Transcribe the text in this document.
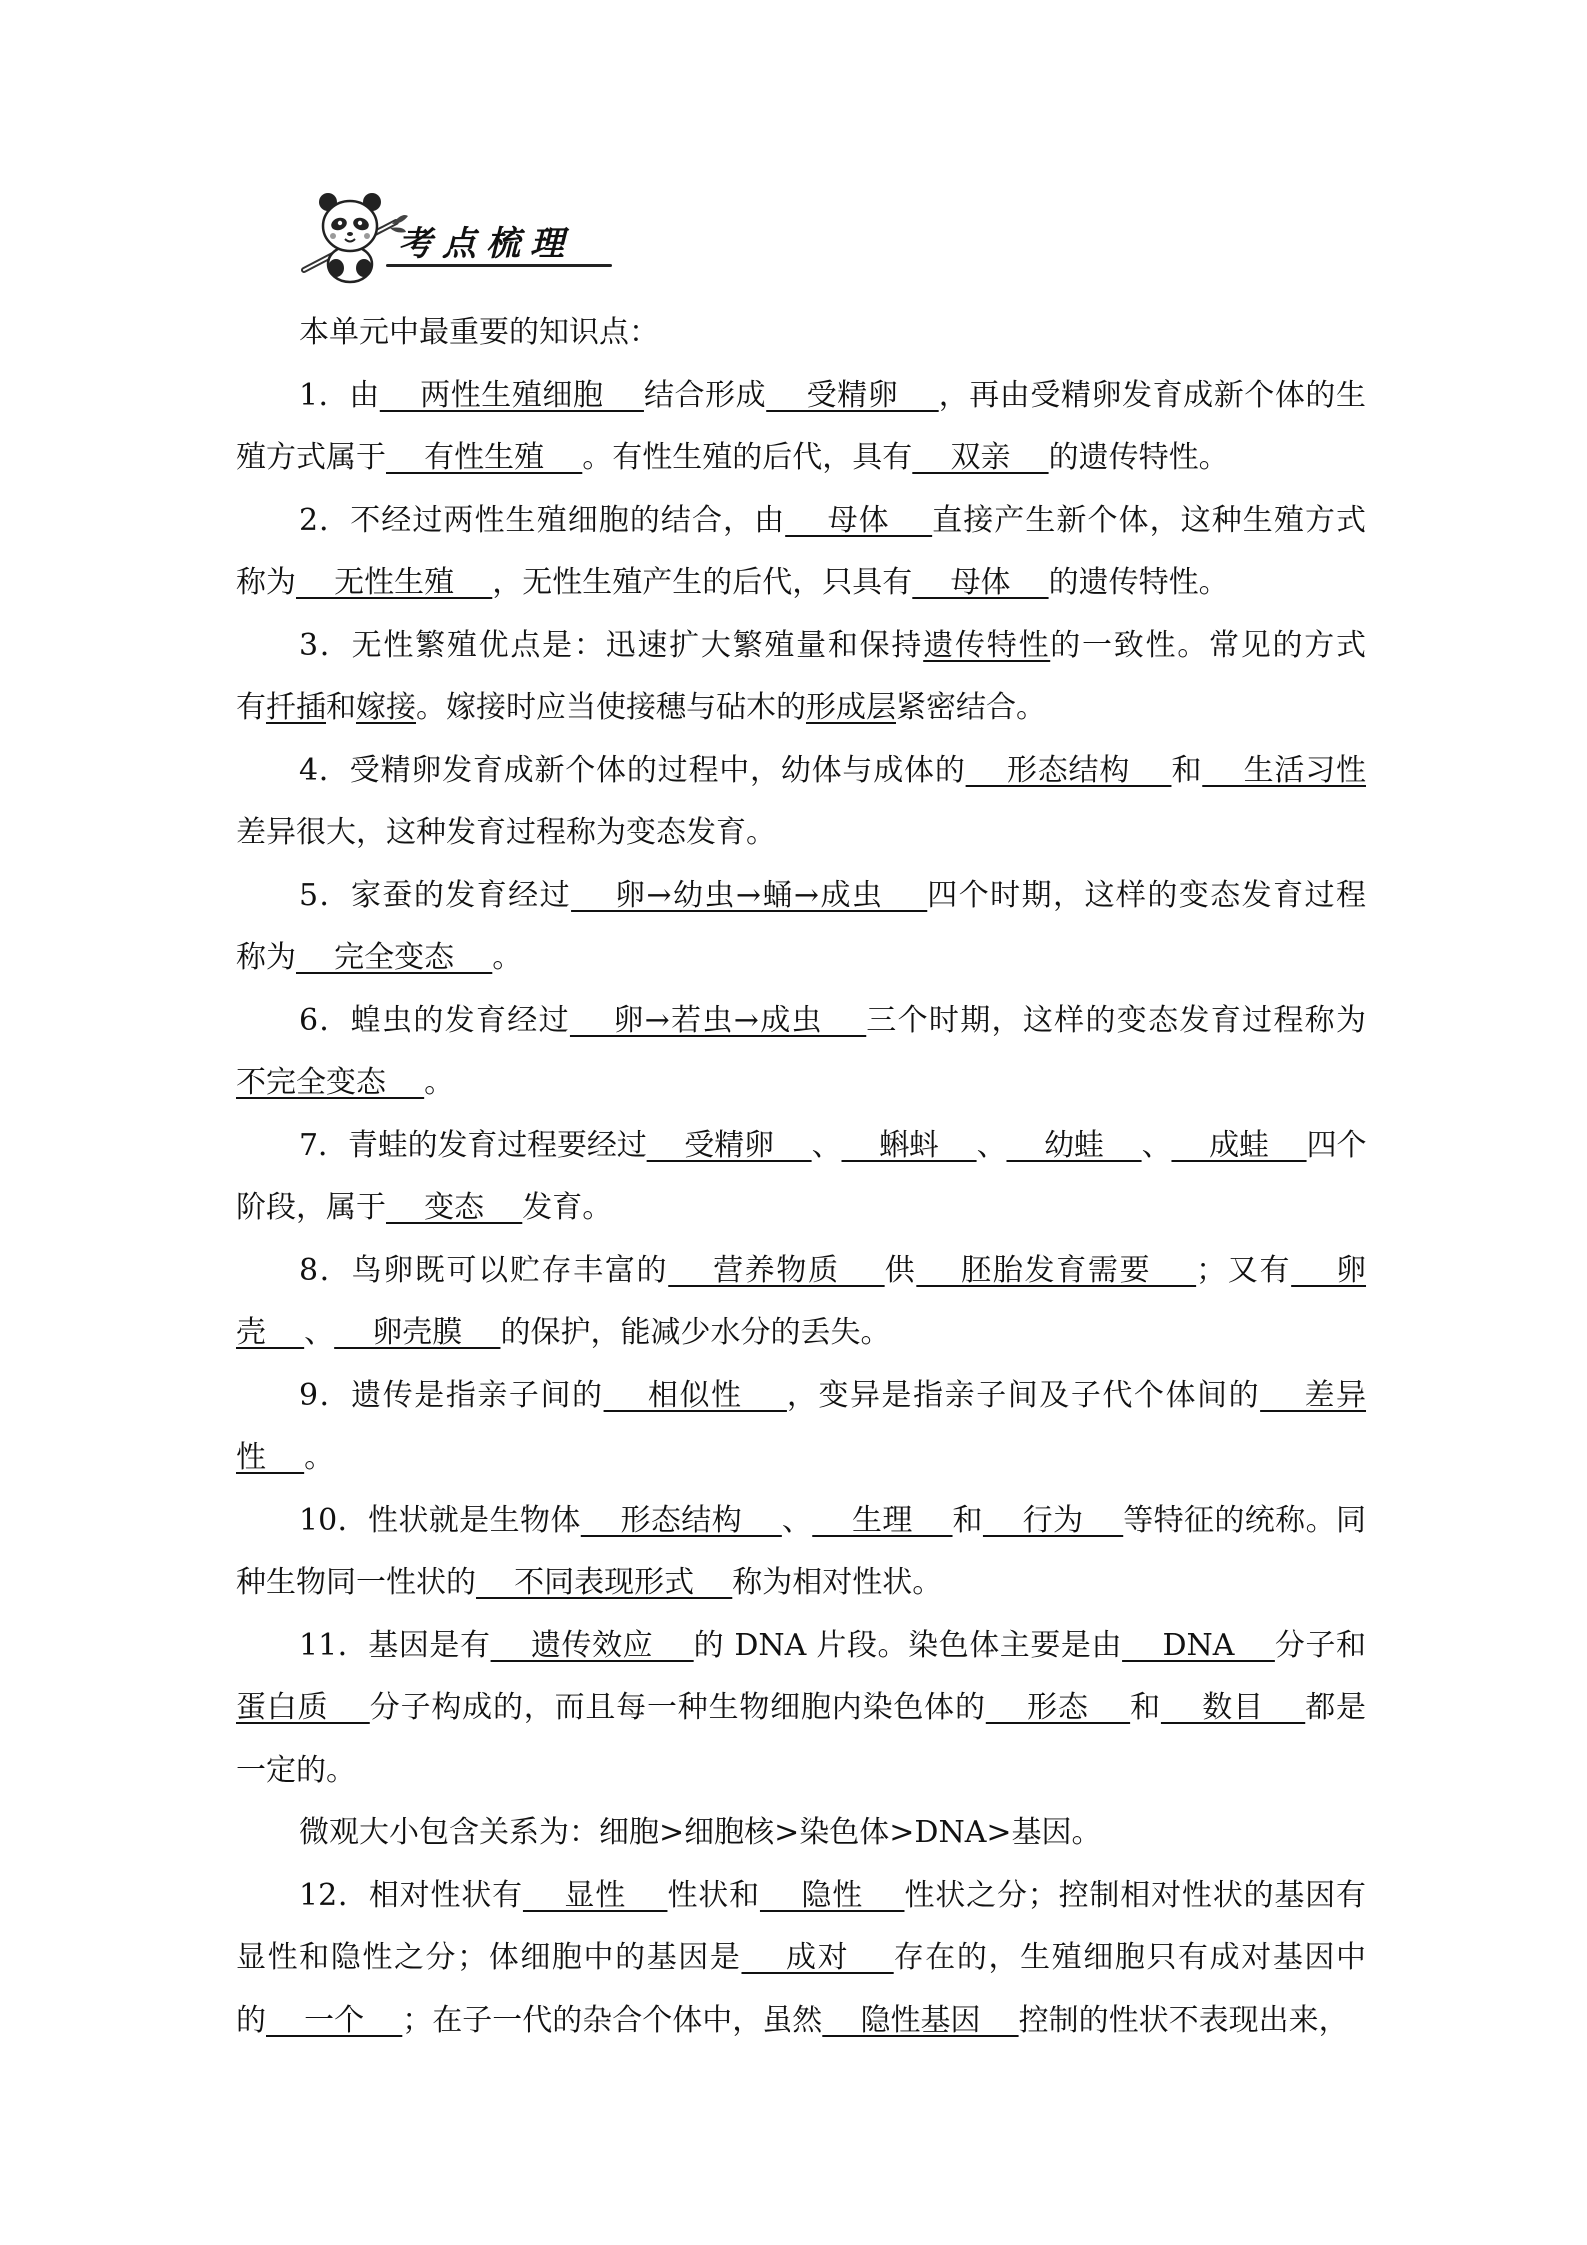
考点梳理
本单元中最重要的知识点：
1．由    两性生殖细胞    结合形成    受精卵    ，再由受精卵发育成新个体的生
殖方式属于    有性生殖    。有性生殖的后代，具有    双亲    的遗传特性。
2．不经过两性生殖细胞的结合，由    母体    直接产生新个体，这种生殖方式
称为    无性生殖    ，无性生殖产生的后代，只具有    母体    的遗传特性。
3．无性繁殖优点是：迅速扩大繁殖量和保持遗传特性的一致性。常见的方式
有扦插和嫁接。嫁接时应当使接穗与砧木的形成层紧密结合。
4．受精卵发育成新个体的过程中，幼体与成体的    形态结构    和    生活习性
差异很大，这种发育过程称为变态发育。
5．家蚕的发育经过    卵→幼虫→蛹→成虫    四个时期，这样的变态发育过程
称为    完全变态    。
6．蝗虫的发育经过    卵→若虫→成虫    三个时期，这样的变态发育过程称为
不完全变态    。
7．青蛙的发育过程要经过    受精卵    、    蝌蚪    、    幼蛙    、    成蛙    四个
阶段，属于    变态    发育。
8．鸟卵既可以贮存丰富的    营养物质    供    胚胎发育需要    ；又有    卵
壳    、    卵壳膜    的保护，能减少水分的丢失。
9．遗传是指亲子间的    相似性    ，变异是指亲子间及子代个体间的    差异
性    。
10．性状就是生物体    形态结构    、    生理    和    行为    等特征的统称。同
种生物同一性状的    不同表现形式    称为相对性状。
11．基因是有    遗传效应    的 DNA 片段。染色体主要是由    DNA    分子和
蛋白质    分子构成的，而且每一种生物细胞内染色体的    形态    和    数目    都是
一定的。
微观大小包含关系为：细胞>细胞核>染色体>DNA>基因。
12．相对性状有    显性    性状和    隐性    性状之分；控制相对性状的基因有
显性和隐性之分；体细胞中的基因是    成对    存在的，生殖细胞只有成对基因中
的    一个    ；在子一代的杂合个体中，虽然    隐性基因    控制的性状不表现出来，
